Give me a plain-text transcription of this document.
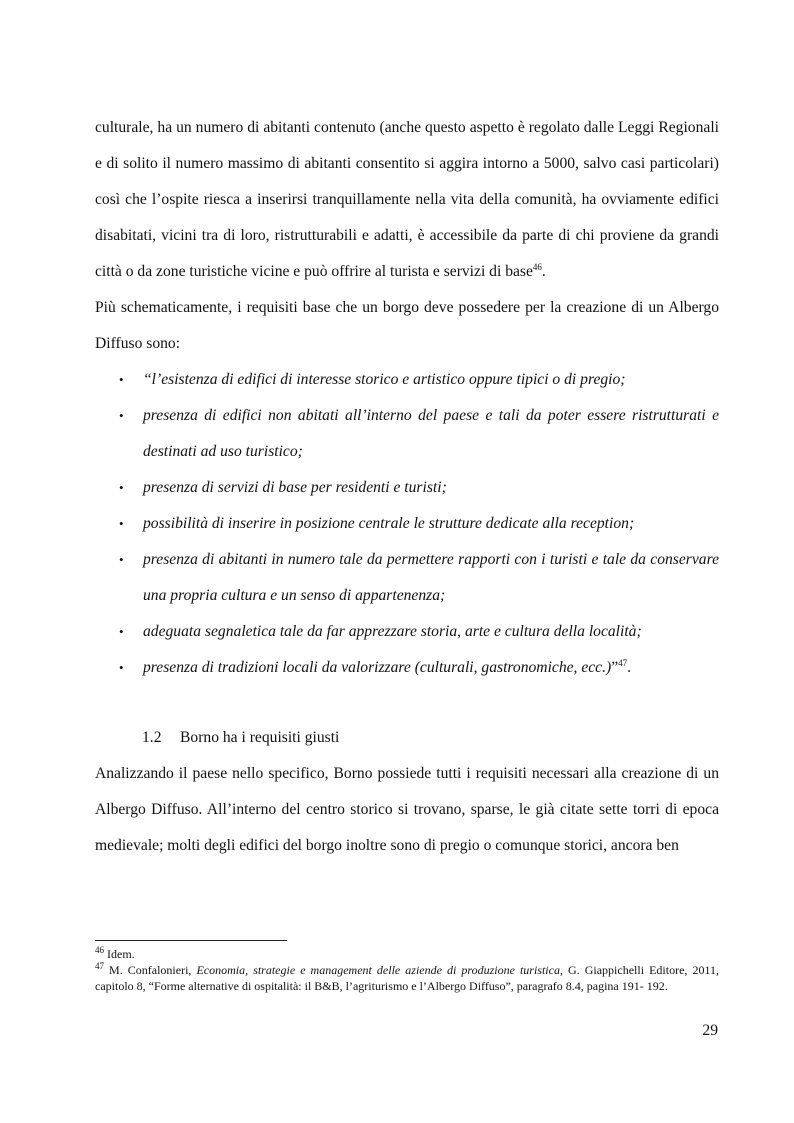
culturale, ha un numero di abitanti contenuto (anche questo aspetto è regolato dalle Leggi Regionali e di solito il numero massimo di abitanti consentito si aggira intorno a 5000, salvo casi particolari) così che l’ospite riesca a inserirsi tranquillamente nella vita della comunità, ha ovviamente edifici disabitati, vicini tra di loro, ristrutturabili e adatti, è accessibile da parte di chi proviene da grandi città o da zone turistiche vicine e può offrire al turista e servizi di base$^{46}$.

Più schematicamente, i requisiti base che un borgo deve possedere per la creazione di un Albergo Diffuso sono:

• “l’esistenza di edifici di interesse storico e artistico oppure tipici o di pregio;
• presenza di edifici non abitati all’interno del paese e tali da poter essere ristrutturati e destinati ad uso turistico;
• presenza di servizi di base per residenti e turisti;
• possibilità di inserire in posizione centrale le strutture dedicate alla reception;
• presenza di abitanti in numero tale da permettere rapporti con i turisti e tale da conservare una propria cultura e un senso di appartenenza;
• adeguata segnaletica tale da far apprezzare storia, arte e cultura della località;
• presenza di tradizioni locali da valorizzare (culturali, gastronomiche, ecc.)”$^{47}$.
1.2 Borno ha i requisiti giusti

Analizzando il paese nello specifico, Borno possiede tutti i requisiti necessari alla creazione di un Albergo Diffuso. All’interno del centro storico si trovano, sparse, le già citate sette torri di epoca medievale; molti degli edifici del borgo inoltre sono di pregio o comunque storici, ancora ben

$^{46}$ Idem.

$^{47}$ M. Confalonieri, Economia, strategie e management delle aziende di produzione turistica, G. Giappichelli Editore, 2011, capitolo 8, “Forme alternative di ospitalità: il B&B, l’agriturismo e l’Albergo Diffuso”, paragrafo 8.4, pagina 191- 192.

29
